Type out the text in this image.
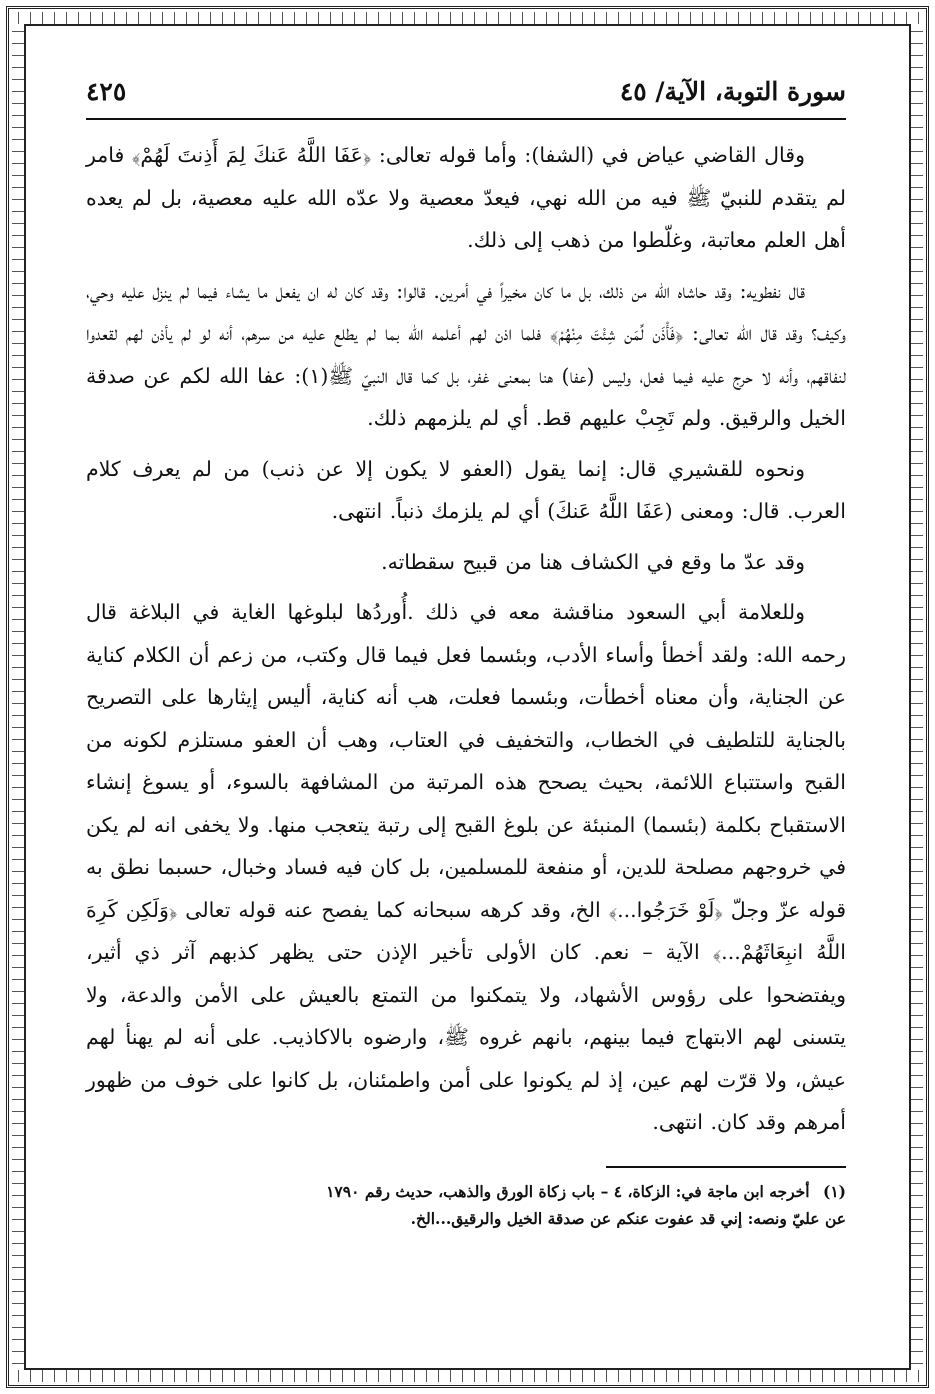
سورة التوبة، الآية/ ٤٥
٤٢٥

وقال القاضي عياض في (الشفا): وأما قوله تعالى: ﴿عَفَا اللَّهُ عَنكَ لِمَ أَذِنتَ لَهُمْ﴾ فامر لم يتقدم للنبيّ ﷺ فيه من الله نهي، فيعدّ معصية ولا عدّه الله عليه معصية، بل لم يعده أهل العلم معاتبة، وغلّطوا من ذهب إلى ذلك.

قال نفطويه: وقد حاشاه الله من ذلك، بل ما كان مخيراً في أمرين. قالوا: وقد كان له ان يفعل ما يشاء فيما لم ينزل عليه وحي، وكيف؟ وقد قال الله تعالى: ﴿فَأْذَن لِّمَن شِئْتَ مِنْهُمْ﴾ فلما اذن لهم أعلمه الله بما لم يطلع عليه من سرهم، أنه لو لم يأذن لهم لقعدوا لنفاقهم، وأنه لا حرج عليه فيما فعل، وليس (عفا) هنا بمعنى غفر، بل كما قال النبيّ ﷺ(١): عفا الله لكم عن صدقة الخيل والرقيق. ولم تَجِبْ عليهم قط. أي لم يلزمهم ذلك.

ونحوه للقشيري قال: إنما يقول (العفو لا يكون إلا عن ذنب) من لم يعرف كلام العرب. قال: ومعنى (عَفَا اللَّهُ عَنكَ) أي لم يلزمك ذنباً. انتهى.

وقد عدّ ما وقع في الكشاف هنا من قبيح سقطاته.

وللعلامة أبي السعود مناقشة معه في ذلك .أُوردُها لبلوغها الغاية في البلاغة قال رحمه الله: ولقد أخطأ وأساء الأدب، وبئسما فعل فيما قال وكتب، من زعم أن الكلام كناية عن الجناية، وأن معناه أخطأت، وبئسما فعلت، هب أنه كناية، أليس إيثارها على التصريح بالجناية للتلطيف في الخطاب، والتخفيف في العتاب، وهب أن العفو مستلزم لكونه من القبح واستتباع اللائمة، بحيث يصحح هذه المرتبة من المشافهة بالسوء، أو يسوغ إنشاء الاستقباح بكلمة (بئسما) المنبئة عن بلوغ القبح إلى رتبة يتعجب منها. ولا يخفى انه لم يكن في خروجهم مصلحة للدين، أو منفعة للمسلمين، بل كان فيه فساد وخبال، حسبما نطق به قوله عزّ وجلّ ﴿لَوْ خَرَجُوا...﴾ الخ، وقد كرهه سبحانه كما يفصح عنه قوله تعالى ﴿وَلَكِن كَرِهَ اللَّهُ انبِعَاثَهُمْ...﴾ الآية – نعم. كان الأولى تأخير الإذن حتى يظهر كذبهم آثر ذي أثير، ويفتضحوا على رؤوس الأشهاد، ولا يتمكنوا من التمتع بالعيش على الأمن والدعة، ولا يتسنى لهم الابتهاج فيما بينهم، بانهم غروه ﷺ، وارضوه بالاكاذيب. على أنه لم يهنأ لهم عيش، ولا قرّت لهم عين، إذ لم يكونوا على أمن واطمئنان، بل كانوا على خوف من ظهور أمرهم وقد كان. انتهى.

(١) أخرجه ابن ماجة في: الزكاة، ٤ – باب زكاة الورق والذهب، حديث رقم ١٧٩٠

عن عليّ ونصه: إني قد عفوت عنكم عن صدقة الخيل والرقيق...الخ.
